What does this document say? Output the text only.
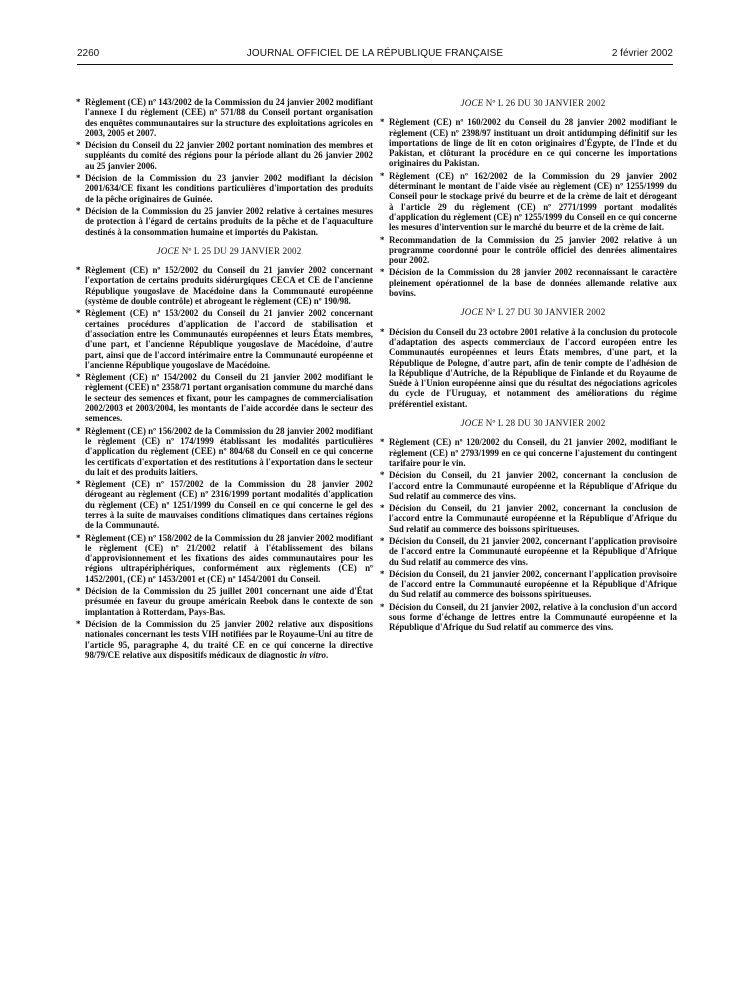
2260	JOURNAL OFFICIEL DE LA RÉPUBLIQUE FRANÇAISE	2 février 2002
* Règlement (CE) nº 143/2002 de la Commission du 24 janvier 2002 modifiant l'annexe I du règlement (CEE) nº 571/88 du Conseil portant organisation des enquêtes communautaires sur la structure des exploitations agricoles en 2003, 2005 et 2007.
* Décision du Conseil du 22 janvier 2002 portant nomination des membres et suppléants du comité des régions pour la période allant du 26 janvier 2002 au 25 janvier 2006.
* Décision de la Commission du 23 janvier 2002 modifiant la décision 2001/634/CE fixant les conditions particulières d'importation des produits de la pêche originaires de Guinée.
* Décision de la Commission du 25 janvier 2002 relative à certaines mesures de protection à l'égard de certains produits de la pêche et de l'aquaculture destinés à la consommation humaine et importés du Pakistan.
JOCE Nº L 25 DU 29 JANVIER 2002
* Règlement (CE) nº 152/2002 du Conseil du 21 janvier 2002 concernant l'exportation de certains produits sidérurgiques CECA et CE de l'ancienne République yougoslave de Macédoine dans la Communauté européenne (système de double contrôle) et abrogeant le règlement (CE) nº 190/98.
* Règlement (CE) nº 153/2002 du Conseil du 21 janvier 2002 concernant certaines procédures d'application de l'accord de stabilisation et d'association entre les Communautés européennes et leurs États membres, d'une part, et l'ancienne République yougoslave de Macédoine, d'autre part, ainsi que de l'accord intérimaire entre la Communauté européenne et l'ancienne République yougoslave de Macédoine.
* Règlement (CE) nº 154/2002 du Conseil du 21 janvier 2002 modifiant le règlement (CEE) nº 2358/71 portant organisation commune du marché dans le secteur des semences et fixant, pour les campagnes de commercialisation 2002/2003 et 2003/2004, les montants de l'aide accordée dans le secteur des semences.
* Règlement (CE) nº 156/2002 de la Commission du 28 janvier 2002 modifiant le règlement (CE) nº 174/1999 établissant les modalités particulières d'application du règlement (CEE) nº 804/68 du Conseil en ce qui concerne les certificats d'exportation et des restitutions à l'exportation dans le secteur du lait et des produits laitiers.
* Règlement (CE) nº 157/2002 de la Commission du 28 janvier 2002 dérogeant au règlement (CE) nº 2316/1999 portant modalités d'application du règlement (CE) nº 1251/1999 du Conseil en ce qui concerne le gel des terres à la suite de mauvaises conditions climatiques dans certaines régions de la Communauté.
* Règlement (CE) nº 158/2002 de la Commission du 28 janvier 2002 modifiant le règlement (CE) nº 21/2002 relatif à l'établissement des bilans d'approvisionnement et les fixations des aides communautaires pour les régions ultrapériphériques, conformément aux règlements (CE) nº 1452/2001, (CE) nº 1453/2001 et (CE) nº 1454/2001 du Conseil.
* Décision de la Commission du 25 juillet 2001 concernant une aide d'État présumée en faveur du groupe américain Reebok dans le contexte de son implantation à Rotterdam, Pays-Bas.
* Décision de la Commission du 25 janvier 2002 relative aux dispositions nationales concernant les tests VIH notifiées par le Royaume-Uni au titre de l'article 95, paragraphe 4, du traité CE en ce qui concerne la directive 98/79/CE relative aux dispositifs médicaux de diagnostic in vitro.
JOCE Nº L 26 DU 30 JANVIER 2002
* Règlement (CE) nº 160/2002 du Conseil du 28 janvier 2002 modifiant le règlement (CE) nº 2398/97 instituant un droit antidumping définitif sur les importations de linge de lit en coton originaires d'Égypte, de l'Inde et du Pakistan, et clôturant la procédure en ce qui concerne les importations originaires du Pakistan.
* Règlement (CE) nº 162/2002 de la Commission du 29 janvier 2002 déterminant le montant de l'aide visée au règlement (CE) nº 1255/1999 du Conseil pour le stockage privé du beurre et de la crème de lait et dérogeant à l'article 29 du règlement (CE) nº 2771/1999 portant modalités d'application du règlement (CE) nº 1255/1999 du Conseil en ce qui concerne les mesures d'intervention sur le marché du beurre et de la crème de lait.
* Recommandation de la Commission du 25 janvier 2002 relative à un programme coordonné pour le contrôle officiel des denrées alimentaires pour 2002.
* Décision de la Commission du 28 janvier 2002 reconnaissant le caractère pleinement opérationnel de la base de données allemande relative aux bovins.
JOCE Nº L 27 DU 30 JANVIER 2002
* Décision du Conseil du 23 octobre 2001 relative à la conclusion du protocole d'adaptation des aspects commerciaux de l'accord européen entre les Communautés européennes et leurs États membres, d'une part, et la République de Pologne, d'autre part, afin de tenir compte de l'adhésion de la République d'Autriche, de la République de Finlande et du Royaume de Suède à l'Union européenne ainsi que du résultat des négociations agricoles du cycle de l'Uruguay, et notamment des améliorations du régime préférentiel existant.
JOCE Nº L 28 DU 30 JANVIER 2002
* Règlement (CE) nº 120/2002 du Conseil, du 21 janvier 2002, modifiant le règlement (CE) nº 2793/1999 en ce qui concerne l'ajustement du contingent tarifaire pour le vin.
* Décision du Conseil, du 21 janvier 2002, concernant la conclusion de l'accord entre la Communauté européenne et la République d'Afrique du Sud relatif au commerce des vins.
* Décision du Conseil, du 21 janvier 2002, concernant la conclusion de l'accord entre la Communauté européenne et la République d'Afrique du Sud relatif au commerce des boissons spiritueuses.
* Décision du Conseil, du 21 janvier 2002, concernant l'application provisoire de l'accord entre la Communauté européenne et la République d'Afrique du Sud relatif au commerce des vins.
* Décision du Conseil, du 21 janvier 2002, concernant l'application provisoire de l'accord entre la Communauté européenne et la République d'Afrique du Sud relatif au commerce des boissons spiritueuses.
* Décision du Conseil, du 21 janvier 2002, relative à la conclusion d'un accord sous forme d'échange de lettres entre la Communauté européenne et la République d'Afrique du Sud relatif au commerce des vins.
